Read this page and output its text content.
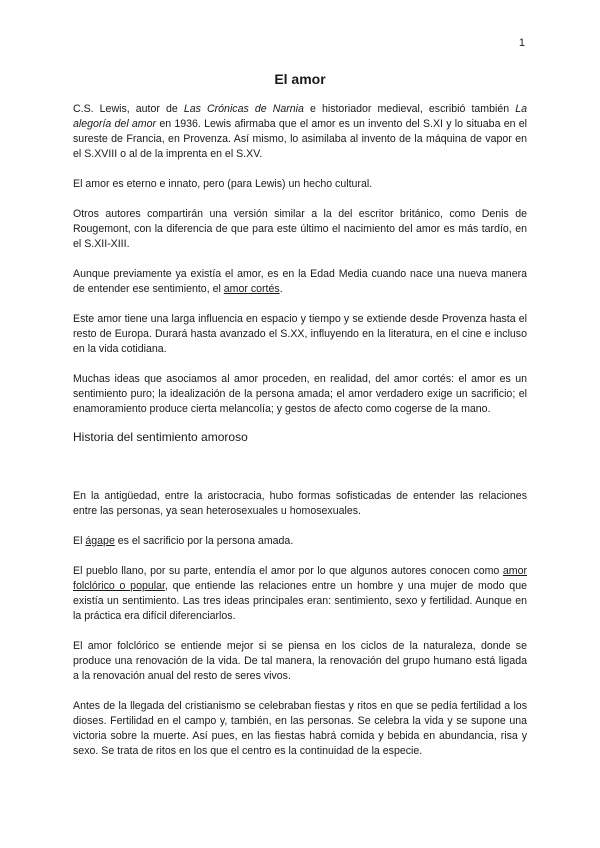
1
El amor

C.S. Lewis, autor de Las Crónicas de Narnia e historiador medieval, escribió también La alegoría del amor en 1936. Lewis afirmaba que el amor es un invento del S.XI y lo situaba en el sureste de Francia, en Provenza. Así mismo, lo asimilaba al invento de la máquina de vapor en el S.XVIII o al de la imprenta en el S.XV.

El amor es eterno e innato, pero (para Lewis) un hecho cultural.

Otros autores compartirán una versión similar a la del escritor británico, como Denis de Rougemont, con la diferencia de que para este último el nacimiento del amor es más tardío, en el S.XII-XIII.

Aunque previamente ya existía el amor, es en la Edad Media cuando nace una nueva manera de entender ese sentimiento, el amor cortés.

Este amor tiene una larga influencia en espacio y tiempo y se extiende desde Provenza hasta el resto de Europa. Durará hasta avanzado el S.XX, influyendo en la literatura, en el cine e incluso en la vida cotidiana.

Muchas ideas que asociamos al amor proceden, en realidad, del amor cortés: el amor es un sentimiento puro; la idealización de la persona amada; el amor verdadero exige un sacrificio; el enamoramiento produce cierta melancolía; y gestos de afecto como cogerse de la mano.

Historia del sentimiento amoroso

En la antigüedad, entre la aristocracia, hubo formas sofisticadas de entender las relaciones entre las personas, ya sean heterosexuales u homosexuales.

El ágape es el sacrificio por la persona amada.

El pueblo llano, por su parte, entendía el amor por lo que algunos autores conocen como amor folclórico o popular, que entiende las relaciones entre un hombre y una mujer de modo que existía un sentimiento. Las tres ideas principales eran: sentimiento, sexo y fertilidad. Aunque en la práctica era difícil diferenciarlos.

El amor folclórico se entiende mejor si se piensa en los ciclos de la naturaleza, donde se produce una renovación de la vida. De tal manera, la renovación del grupo humano está ligada a la renovación anual del resto de seres vivos.

Antes de la llegada del cristianismo se celebraban fiestas y ritos en que se pedía fertilidad a los dioses. Fertilidad en el campo y, también, en las personas. Se celebra la vida y se supone una victoria sobre la muerte. Así pues, en las fiestas habrá comida y bebida en abundancia, risa y sexo. Se trata de ritos en los que el centro es la continuidad de la especie.
